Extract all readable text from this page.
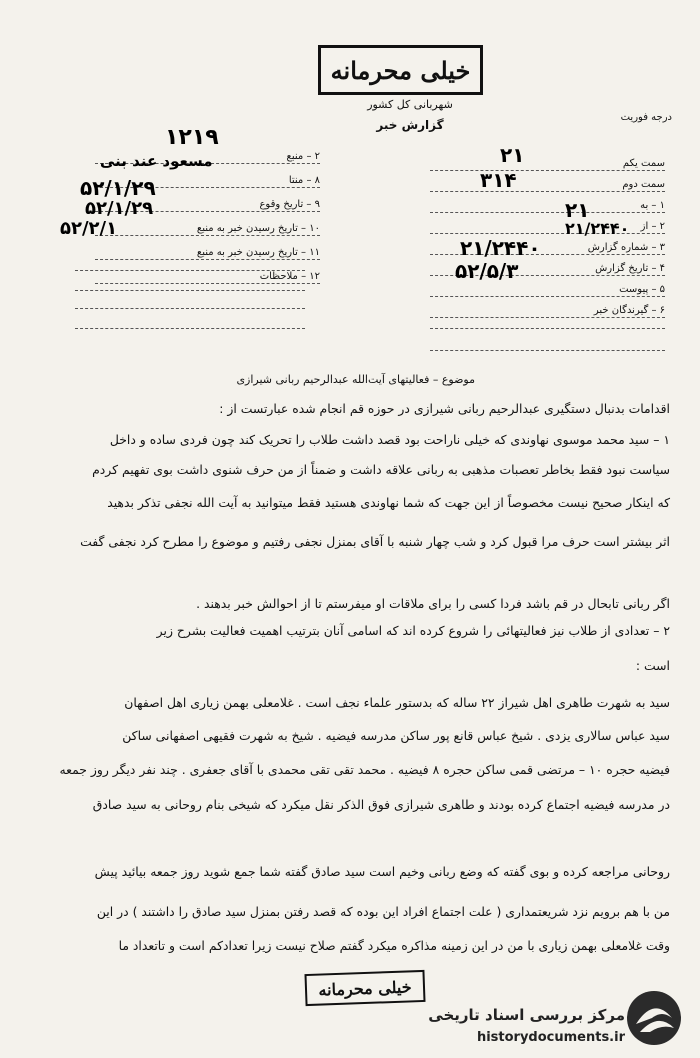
خیلی محرمانه
شهربانی کل کشور
گزارش خبر
درجه فوریت
۲ – منبع
۸ – منتا
۹ – تاریخ وقوع
۱۰ – تاریخ رسیدن خبر به منبع
۱۱ – تاریخ رسیدن خبر به منبع
۱۲ – ملاحظات
۱۲۱۹
مسعود عند بنی
۵۲/۱/۲۹
۵۲/۱/۲۹
۵۲/۲/۱
سمت یکم
سمت دوم
۱ – به
۲ – از
۳ – شماره گزارش
۴ – تاریخ گزارش
۵ – پیوست
۶ – گیرندگان خبر
۲۱
۳۱۴
۲۱
۲۱/۲۴۴۰
۲۱/۲۴۴۰
۵۲/۵/۳
موضوع – فعالیتهای آیت‌الله عبدالرحیم ربانی شیرازی
اقدامات بدنبال دستگیری عبدالرحیم ربانی شیرازی در حوزه قم انجام شده عبارتست از :
۱ – سید محمد موسوی نهاوندی که خیلی ناراحت بود قصد داشت طلاب را تحریک کند چون فردی ساده و داخل
سیاست نبود فقط بخاطر تعصبات مذهبی به ربانی علاقه داشت و ضمناً از من حرف شنوی داشت بوی تفهیم کردم
که اینکار صحیح نیست مخصوصاً از این جهت که شما نهاوندی هستید فقط میتوانید به آیت الله نجفی تذکر بدهید
اثر بیشتر است حرف مرا قبول کرد و شب چهار شنبه با آقای بمنزل نجفی رفتیم و موضوع را مطرح کرد نجفی گفت
اگر ربانی تابحال در قم باشد فردا کسی را برای ملاقات او میفرستم تا از احوالش خبر بدهند .
۲ – تعدادی از طلاب نیز فعالیتهائی را شروع کرده اند که اسامی آنان بترتیب اهمیت فعالیت بشرح زیر
است :
سید به شهرت طاهری اهل شیراز ۲۲ ساله که بدستور علماء نجف است . غلامعلی بهمن زیاری اهل اصفهان
سید عباس سالاری یزدی . شیخ عباس قانع پور ساکن مدرسه فیضیه . شیخ به شهرت فقیهی اصفهانی ساکن
فیضیه حجره ۱۰ – مرتضی قمی ساکن حجره ۸ فیضیه . محمد تقی تقی محمدی با آقای جعفری . چند نفر دیگر روز جمعه
در مدرسه فیضیه اجتماع کرده بودند و طاهری شیرازی فوق الذکر نقل میکرد که شیخی بنام روحانی به سید صادق
روحانی مراجعه کرده و بوی گفته که وضع ربانی وخیم است سید صادق گفته شما جمع شوید روز جمعه بیائید پیش
من با هم برویم نزد شریعتمداری ( علت اجتماع افراد این بوده که قصد رفتن بمنزل سید صادق را داشتند ) در این
وقت غلامعلی بهمن زیاری با من در این زمینه مذاکره میکرد گفتم صلاح نیست زیرا تعدادکم است و تاتعداد ما
خیلی محرمانه
مرکز بررسی اسناد تاریخی
historydocuments.ir
